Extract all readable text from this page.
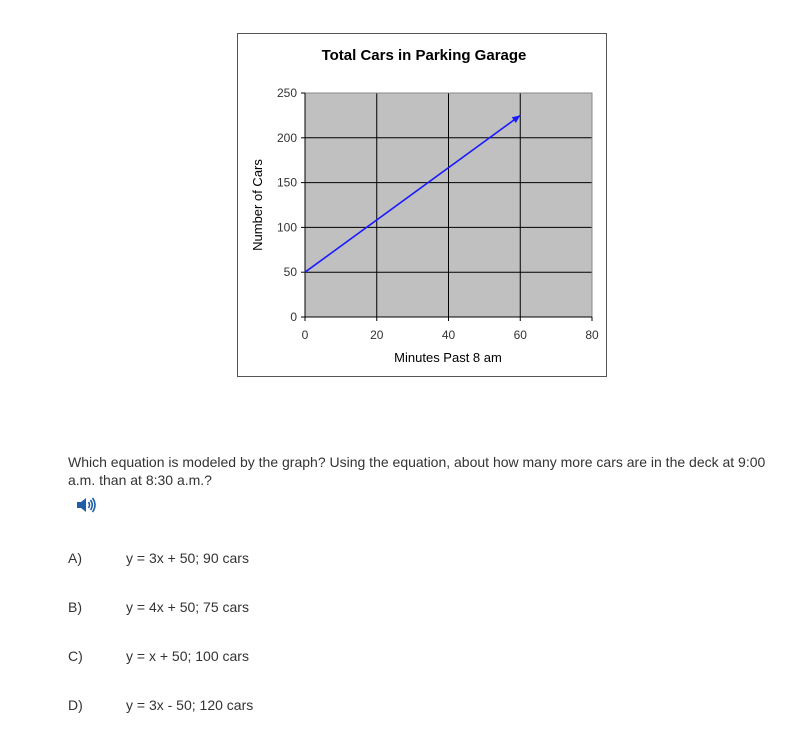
Total Cars in Parking Garage
0
50
100
150
200
250
0	20	40	60	80
Minutes Past 8 am
Number of Cars
Which equation is modeled by the graph? Using the equation, about how many more cars are in the deck at 9:00 a.m. than at 8:30 a.m.?
A)	y = 3x + 50; 90 cars
B)	y = 4x + 50; 75 cars
C)	y = x + 50; 100 cars
D)	y = 3x - 50; 120 cars
